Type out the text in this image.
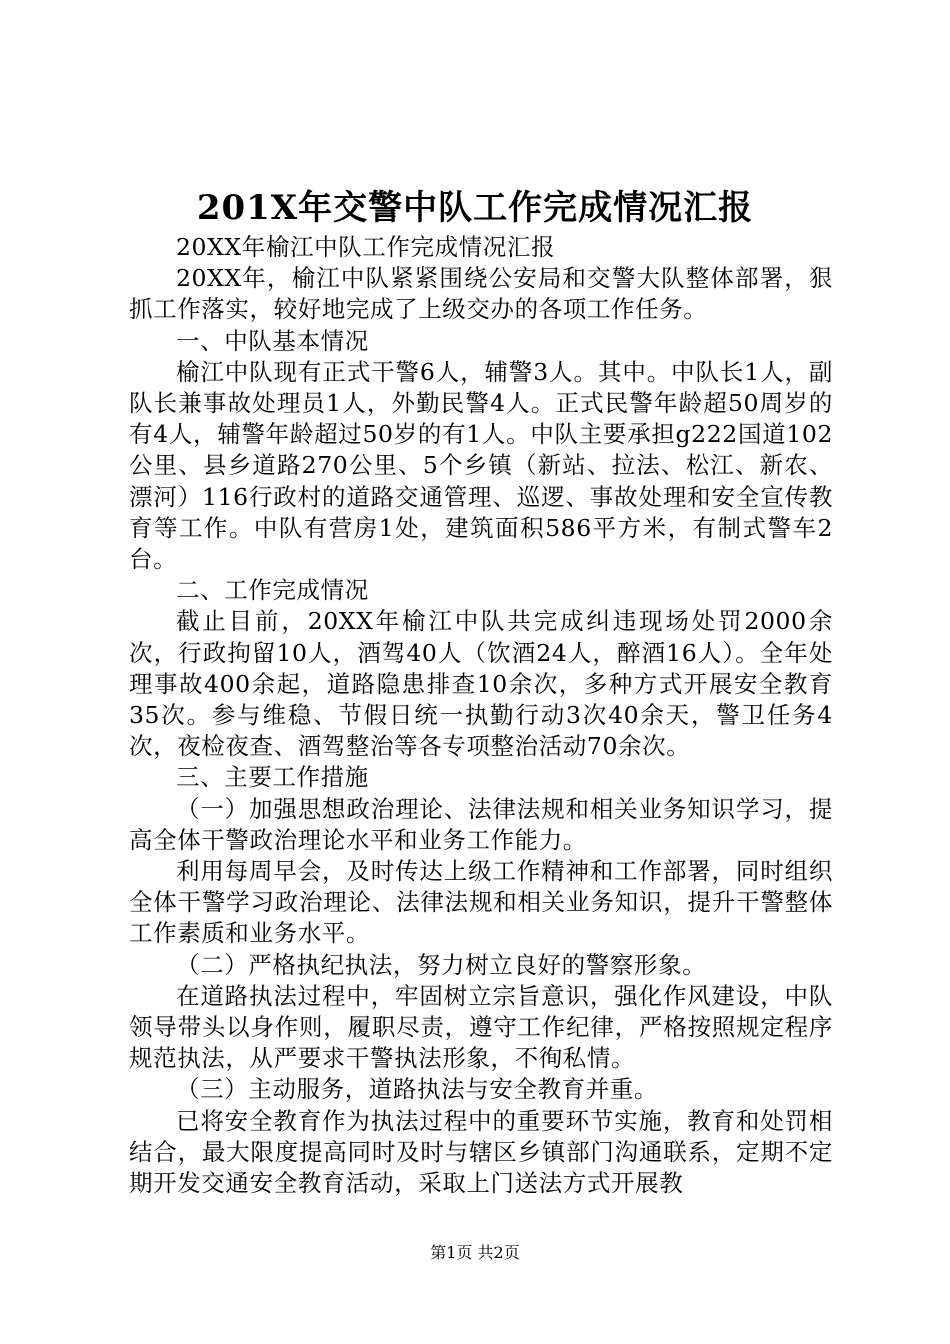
201X年交警中队工作完成情况汇报

20XX年榆江中队工作完成情况汇报

20XX年，榆江中队紧紧围绕公安局和交警大队整体部署，狠抓工作落实，较好地完成了上级交办的各项工作任务。

一、中队基本情况

榆江中队现有正式干警6人，辅警3人。其中。中队长1人，副队长兼事故处理员1人，外勤民警4人。正式民警年龄超50周岁的有4人，辅警年龄超过50岁的有1人。中队主要承担g222国道102公里、县乡道路270公里、5个乡镇（新站、拉法、松江、新农、漂河）116行政村的道路交通管理、巡逻、事故处理和安全宣传教育等工作。中队有营房1处，建筑面积586平方米，有制式警车2台。

二、工作完成情况

截止目前，20XX年榆江中队共完成纠违现场处罚2000余次，行政拘留10人，酒驾40人（饮酒24人，醉酒16人）。全年处理事故400余起，道路隐患排查10余次，多种方式开展安全教育35次。参与维稳、节假日统一执勤行动3次40余天，警卫任务4次，夜检夜查、酒驾整治等各专项整治活动70余次。

三、主要工作措施

（一）加强思想政治理论、法律法规和相关业务知识学习，提高全体干警政治理论水平和业务工作能力。

利用每周早会，及时传达上级工作精神和工作部署，同时组织全体干警学习政治理论、法律法规和相关业务知识，提升干警整体工作素质和业务水平。

（二）严格执纪执法，努力树立良好的警察形象。

在道路执法过程中，牢固树立宗旨意识，强化作风建设，中队领导带头以身作则，履职尽责，遵守工作纪律，严格按照规定程序规范执法，从严要求干警执法形象，不徇私情。

（三）主动服务，道路执法与安全教育并重。

已将安全教育作为执法过程中的重要环节实施，教育和处罚相结合，最大限度提高同时及时与辖区乡镇部门沟通联系，定期不定期开发交通安全教育活动，采取上门送法方式开展教

第1页 共2页
